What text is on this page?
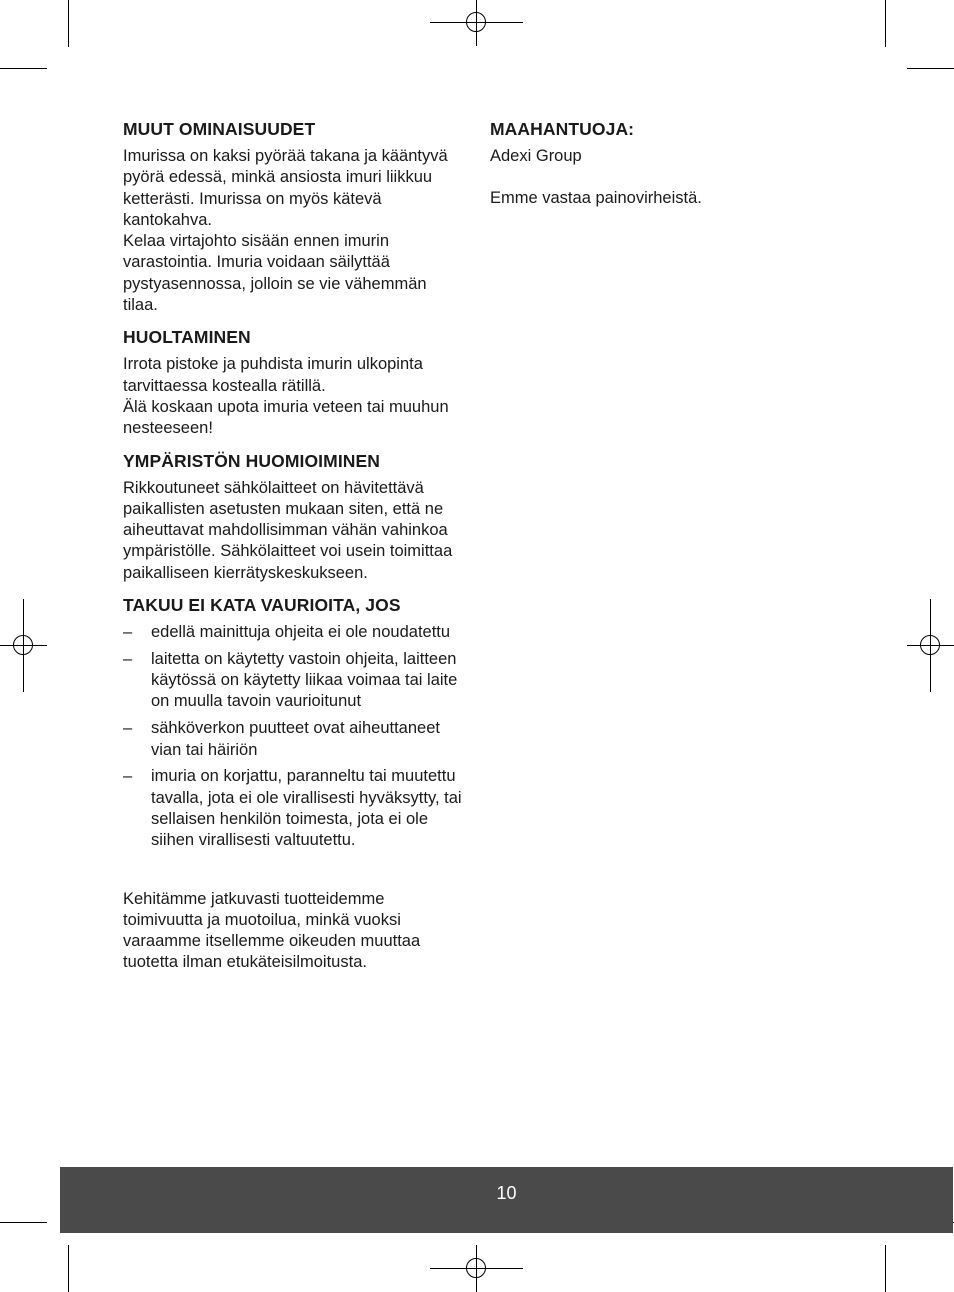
MUUT OMINAISUUDET

Imurissa on kaksi pyörää takana ja kääntyvä pyörä edessä, minkä ansiosta imuri liikkuu ketterästi. Imurissa on myös kätevä kantokahva.

Kelaa virtajohto sisään ennen imurin varastointia. Imuria voidaan säilyttää pystyasennossa, jolloin se vie vähemmän tilaa.

HUOLTAMINEN

Irrota pistoke ja puhdista imurin ulkopinta tarvittaessa kostealla rätillä.

Älä koskaan upota imuria veteen tai muuhun nesteeseen!

YMPÄRISTÖN HUOMIOIMINEN

Rikkoutuneet sähkölaitteet on hävitettävä paikallisten asetusten mukaan siten, että ne aiheuttavat mahdollisimman vähän vahinkoa ympäristölle. Sähkölaitteet voi usein toimittaa paikalliseen kierrätyskeskukseen.

TAKUU EI KATA VAURIOITA, JOS
– edellä mainittuja ohjeita ei ole noudatettu
– laitetta on käytetty vastoin ohjeita, laitteen käytössä on käytetty liikaa voimaa tai laite on muulla tavoin vaurioitunut
– sähköverkon puutteet ovat aiheuttaneet vian tai häiriön
– imuria on korjattu, paranneltu tai muutettu tavalla, jota ei ole virallisesti hyväksytty, tai sellaisen henkilön toimesta, jota ei ole siihen virallisesti valtuutettu.

Kehitämme jatkuvasti tuotteidemme toimivuutta ja muotoilua, minkä vuoksi varaamme itsellemme oikeuden muuttaa tuotetta ilman etukäteisilmoitusta.

MAAHANTUOJA:

Adexi Group

Emme vastaa painovirheistä.

10
